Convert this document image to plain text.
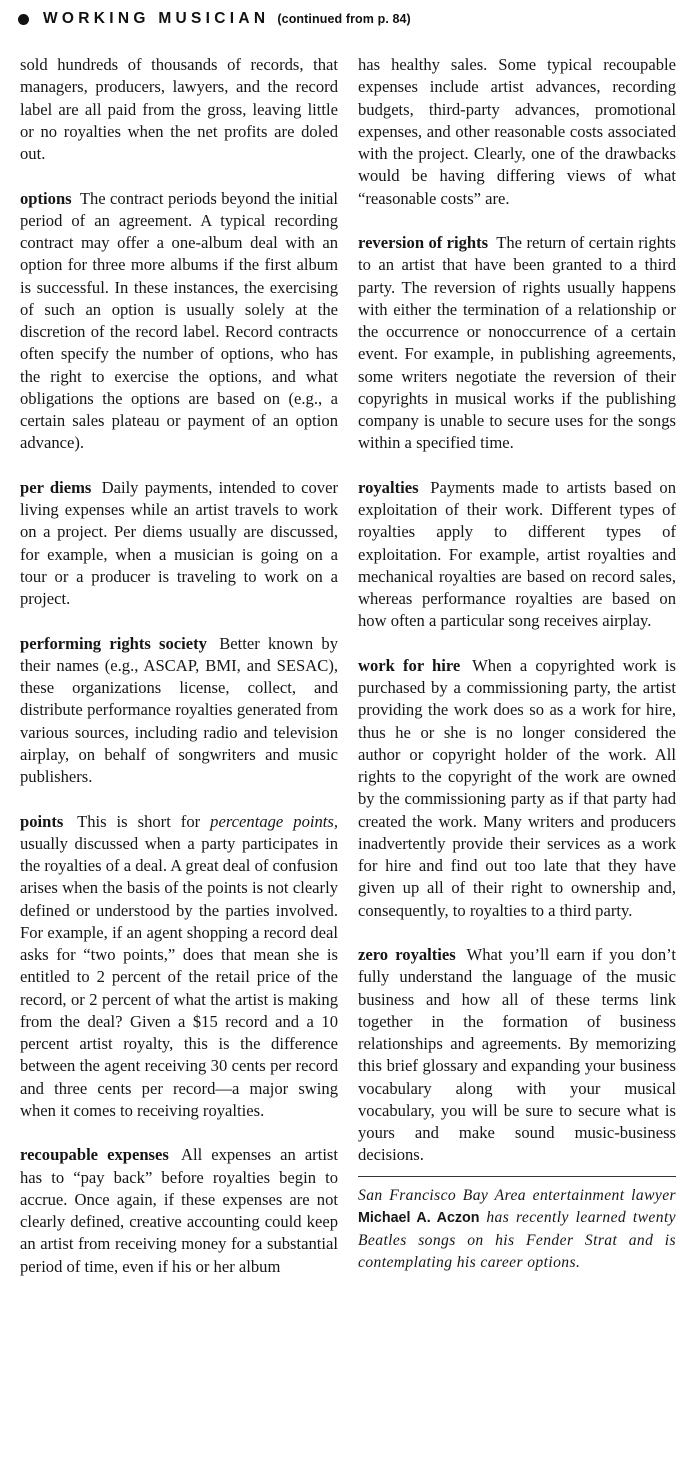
WORKING MUSICIAN (continued from p. 84)

sold hundreds of thousands of records, that managers, producers, lawyers, and the record label are all paid from the gross, leaving little or no royalties when the net profits are doled out.

options The contract periods beyond the initial period of an agreement. A typical recording contract may offer a one-album deal with an option for three more albums if the first album is successful. In these instances, the exercising of such an option is usually solely at the discretion of the record label. Record contracts often specify the number of options, who has the right to exercise the options, and what obligations the options are based on (e.g., a certain sales plateau or payment of an option advance).

per diems Daily payments, intended to cover living expenses while an artist travels to work on a project. Per diems usually are discussed, for example, when a musician is going on a tour or a producer is traveling to work on a project.

performing rights society Better known by their names (e.g., ASCAP, BMI, and SESAC), these organizations license, collect, and distribute performance royalties generated from various sources, including radio and television airplay, on behalf of songwriters and music publishers.

points This is short for percentage points, usually discussed when a party participates in the royalties of a deal. A great deal of confusion arises when the basis of the points is not clearly defined or understood by the parties involved. For example, if an agent shopping a record deal asks for “two points,” does that mean she is entitled to 2 percent of the retail price of the record, or 2 percent of what the artist is making from the deal? Given a $15 record and a 10 percent artist royalty, this is the difference between the agent receiving 30 cents per record and three cents per record—a major swing when it comes to receiving royalties.

recoupable expenses All expenses an artist has to “pay back” before royalties begin to accrue. Once again, if these expenses are not clearly defined, creative accounting could keep an artist from receiving money for a substantial period of time, even if his or her album

has healthy sales. Some typical recoupable expenses include artist advances, recording budgets, third-party advances, promotional expenses, and other reasonable costs associated with the project. Clearly, one of the drawbacks would be having differing views of what “reasonable costs” are.

reversion of rights The return of certain rights to an artist that have been granted to a third party. The reversion of rights usually happens with either the termination of a relationship or the occurrence or nonoccurrence of a certain event. For example, in publishing agreements, some writers negotiate the reversion of their copyrights in musical works if the publishing company is unable to secure uses for the songs within a specified time.

royalties Payments made to artists based on exploitation of their work. Different types of royalties apply to different types of exploitation. For example, artist royalties and mechanical royalties are based on record sales, whereas performance royalties are based on how often a particular song receives airplay.

work for hire When a copyrighted work is purchased by a commissioning party, the artist providing the work does so as a work for hire, thus he or she is no longer considered the author or copyright holder of the work. All rights to the copyright of the work are owned by the commissioning party as if that party had created the work. Many writers and producers inadvertently provide their services as a work for hire and find out too late that they have given up all of their right to ownership and, consequently, to royalties to a third party.

zero royalties What you’ll earn if you don’t fully understand the language of the music business and how all of these terms link together in the formation of business relationships and agreements. By memorizing this brief glossary and expanding your business vocabulary along with your musical vocabulary, you will be sure to secure what is yours and make sound music-business decisions.

San Francisco Bay Area entertainment lawyer Michael A. Aczon has recently learned twenty Beatles songs on his Fender Strat and is contemplating his career options.
